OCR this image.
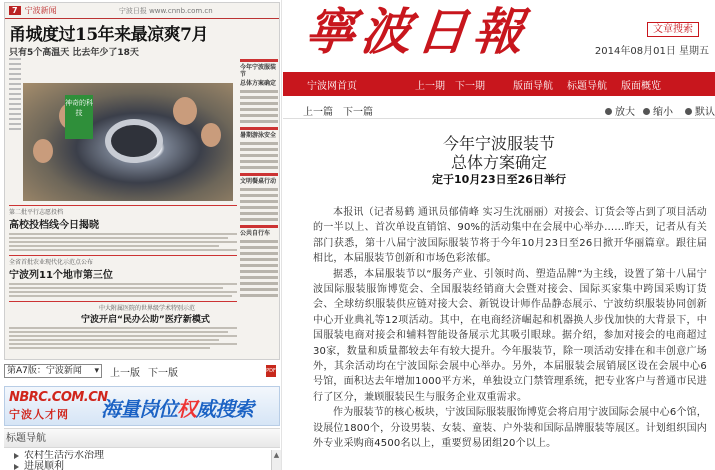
7 宁波新闻	宁波日报 www.cnnb.com.cn
甬城度过15年来最凉爽7月
只有5个高温天 比去年少了18天
神奇的科技
今年宁波服装节
总体方案确定
暑期游泳安全
文明餐桌行动
公共自行车
第二批平行志愿投档
高校投档线今日揭晓
全省首批农业现代化示范点公布
宁波列11个地市第三位
中大附属医院的世界级学术特别示范
宁波开启“民办公助”医疗新模式
第A7版：宁波新闻 ▾	上一版 下一版	PDF
NBRC.COM.CN
宁波人才网	海量岗位权威搜索
标题导航
农村生活污水治理
进展顺利
▲
寧波日報	文章搜索
2014年08月01日 星期五
宁波网首页	上一期 下一期	版面导航 标题导航 版面概览
上一篇 下一篇	放大	缩小	默认
今年宁波服装节
总体方案确定
定于10月23日至26日举行

本报讯（记者易鹤 通讯员郁倩峰 实习生沈丽丽）对接会、订货会等占到了项目活动的一半以上、首次单设直销馆、90%的活动集中在会展中心举办……昨天，记者从有关部门获悉，第十八届宁波国际服装节将于今年10月23日至26日掀开华丽篇章。跟往届相比，本届服装节创新和市场色彩浓郁。

据悉，本届服装节以“服务产业、引领时尚、塑造品牌”为主线，设置了第十八届宁波国际服装服饰博览会、全国服装经销商大会暨对接会、国际买家集中跨国采购订货会、全球纺织服装供应链对接大会、新锐设计师作品静态展示、宁波纺织服装协同创新中心开业典礼等12项活动。其中，在电商经济崛起和机器换人步伐加快的大背景下，中国服装电商对接会和辅料智能设备展示尤其吸引眼球。据介绍，参加对接会的电商超过30家，数量和质量都较去年有较大提升。今年服装节，除一项活动安排在和丰创意广场外，其余活动均在宁波国际会展中心举办。另外，本届服装会展销展区设在会展中心6号馆，面积达去年增加1000平方米，单独设立门禁管理系统，把专业客户与普通市民进行了区分，兼顾服装民生与服务企业双重需求。

作为服装节的核心板块，宁波国际服装服饰博览会将启用宁波国际会展中心6个馆，设展位1800个，分设男装、女装、童装、户外装和国际品牌服装等展区。计划组织国内外专业采购商4500名以上，重要贸易团组20个以上。
